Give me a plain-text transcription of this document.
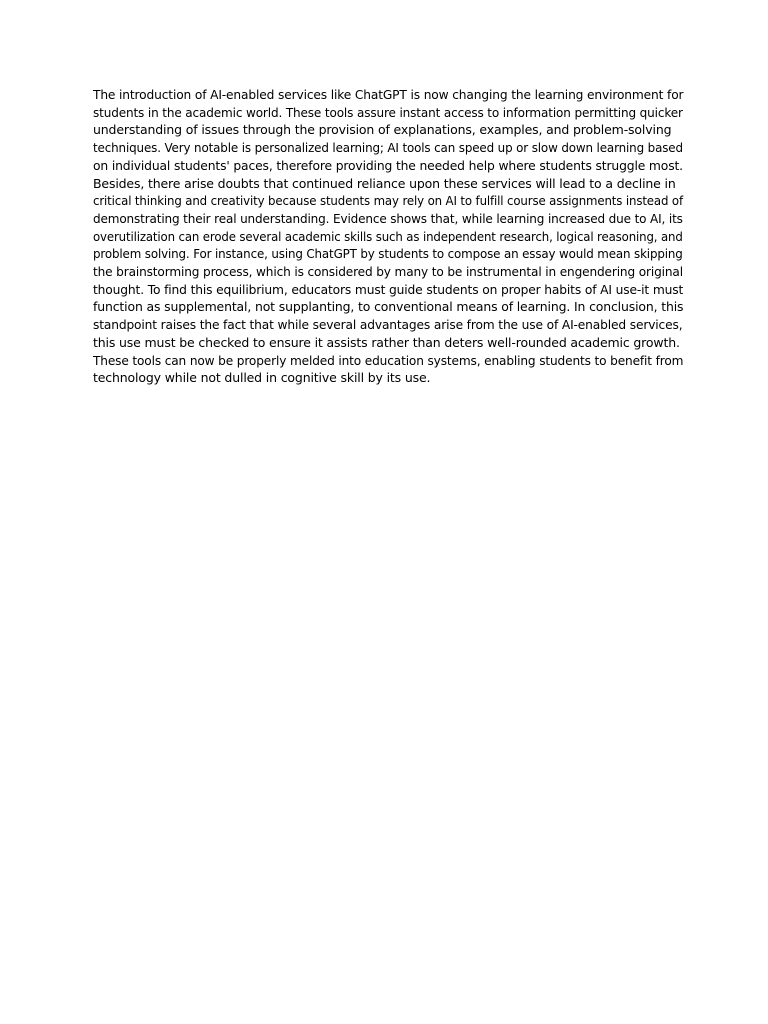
The introduction of AI-enabled services like ChatGPT is now changing the learning environment for
students in the academic world. These tools assure instant access to information permitting quicker
understanding of issues through the provision of explanations, examples, and problem-solving
techniques. Very notable is personalized learning; AI tools can speed up or slow down learning based
on individual students' paces, therefore providing the needed help where students struggle most.
Besides, there arise doubts that continued reliance upon these services will lead to a decline in
critical thinking and creativity because students may rely on AI to fulfill course assignments instead of
demonstrating their real understanding. Evidence shows that, while learning increased due to AI, its
overutilization can erode several academic skills such as independent research, logical reasoning, and
problem solving. For instance, using ChatGPT by students to compose an essay would mean skipping
the brainstorming process, which is considered by many to be instrumental in engendering original
thought. To find this equilibrium, educators must guide students on proper habits of AI use-it must
function as supplemental, not supplanting, to conventional means of learning. In conclusion, this
standpoint raises the fact that while several advantages arise from the use of AI-enabled services,
this use must be checked to ensure it assists rather than deters well-rounded academic growth.
These tools can now be properly melded into education systems, enabling students to benefit from
technology while not dulled in cognitive skill by its use.
